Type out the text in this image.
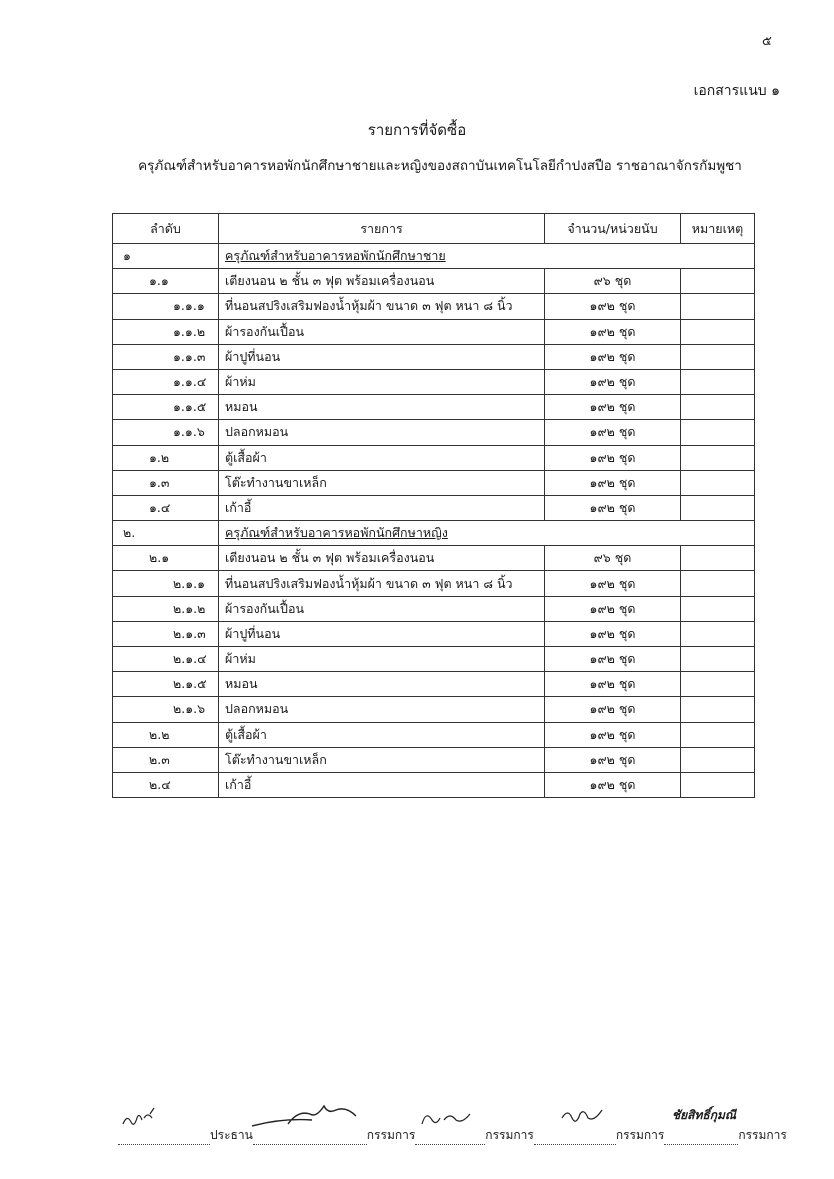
๕
เอกสารแนบ ๑
รายการที่จัดซื้อ
ครุภัณฑ์สำหรับอาคารหอพักนักศึกษาชายและหญิงของสถาบันเทคโนโลยีกำปงสปือ ราชอาณาจักรกัมพูชา
ลำดับ	รายการ	จำนวน/หน่วยนับ	หมายเหตุ
๑	ครุภัณฑ์สำหรับอาคารหอพักนักศึกษาชาย		
๑.๑	เตียงนอน ๒ ชั้น ๓ ฟุต พร้อมเครื่องนอน	๙๖ ชุด	
๑.๑.๑	ที่นอนสปริงเสริมฟองน้ำหุ้มผ้า ขนาด ๓ ฟุต หนา ๘ นิ้ว	๑๙๒ ชุด	
๑.๑.๒	ผ้ารองกันเปื้อน	๑๙๒ ชุด	
๑.๑.๓	ผ้าปูที่นอน	๑๙๒ ชุด	
๑.๑.๔	ผ้าห่ม	๑๙๒ ชุด	
๑.๑.๕	หมอน	๑๙๒ ชุด	
๑.๑.๖	ปลอกหมอน	๑๙๒ ชุด	
๑.๒	ตู้เสื้อผ้า	๑๙๒ ชุด	
๑.๓	โต๊ะทำงานขาเหล็ก	๑๙๒ ชุด	
๑.๔	เก้าอี้	๑๙๒ ชุด	
๒.	ครุภัณฑ์สำหรับอาคารหอพักนักศึกษาหญิง		
๒.๑	เตียงนอน ๒ ชั้น ๓ ฟุต พร้อมเครื่องนอน	๙๖ ชุด	
๒.๑.๑	ที่นอนสปริงเสริมฟองน้ำหุ้มผ้า ขนาด ๓ ฟุต หนา ๘ นิ้ว	๑๙๒ ชุด	
๒.๑.๒	ผ้ารองกันเปื้อน	๑๙๒ ชุด	
๒.๑.๓	ผ้าปูที่นอน	๑๙๒ ชุด	
๒.๑.๔	ผ้าห่ม	๑๙๒ ชุด	
๒.๑.๕	หมอน	๑๙๒ ชุด	
๒.๑.๖	ปลอกหมอน	๑๙๒ ชุด	
๒.๒	ตู้เสื้อผ้า	๑๙๒ ชุด	
๒.๓	โต๊ะทำงานขาเหล็ก	๑๙๒ ชุด	
๒.๔	เก้าอี้	๑๙๒ ชุด	
ชัยสิทธิ์กุมณี
ประธาน	กรรมการ	กรรมการ	กรรมการ	กรรมการ
